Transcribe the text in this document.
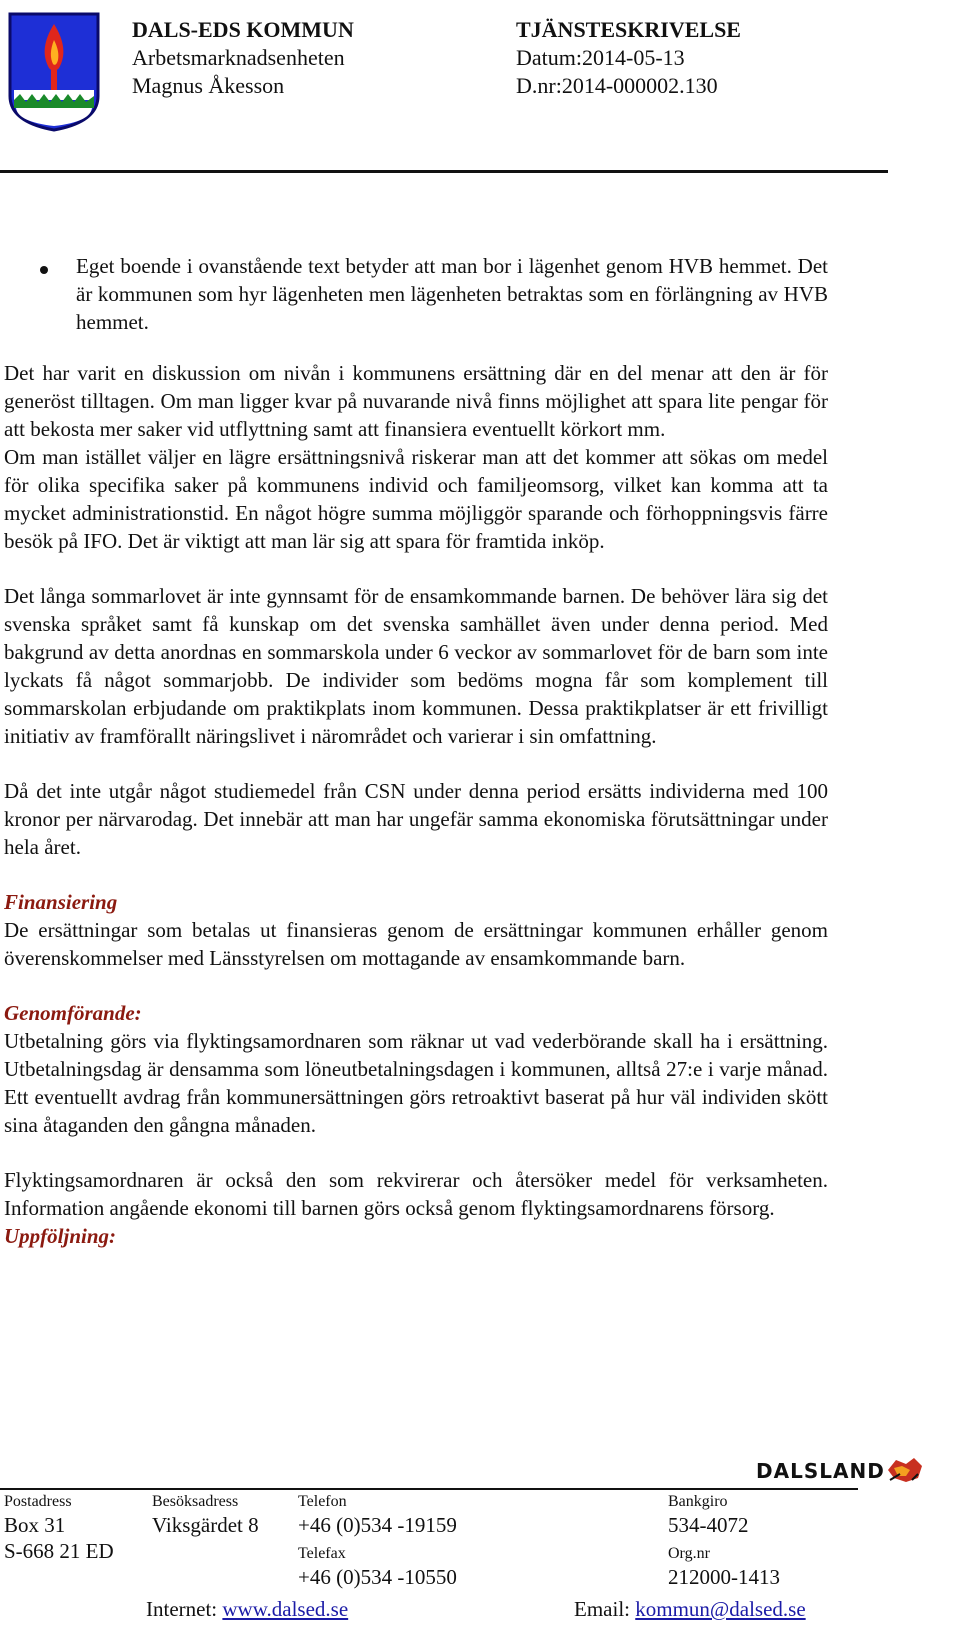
DALS-EDS KOMMUN
Arbetsmarknadsenheten
Magnus Åkesson
TJÄNSTESKRIVELSE
Datum:2014-05-13
D.nr:2014-000002.130
Eget boende i ovanstående text betyder att man bor i lägenhet genom HVB hemmet. Det är kommunen som hyr lägenheten men lägenheten betraktas som en förlängning av HVB hemmet.

Det har varit en diskussion om nivån i kommunens ersättning där en del menar att den är för generöst tilltagen. Om man ligger kvar på nuvarande nivå finns möjlighet att spara lite pengar för att bekosta mer saker vid utflyttning samt att finansiera eventuellt körkort mm.

Om man istället väljer en lägre ersättningsnivå riskerar man att det kommer att sökas om medel för olika specifika saker på kommunens individ och familjeomsorg, vilket kan komma att ta mycket administrationstid. En något högre summa möjliggör sparande och förhoppningsvis färre besök på IFO. Det är viktigt att man lär sig att spara för framtida inköp.

Det långa sommarlovet är inte gynnsamt för de ensamkommande barnen. De behöver lära sig det svenska språket samt få kunskap om det svenska samhället även under denna period. Med bakgrund av detta anordnas en sommarskola under 6 veckor av sommarlovet för de barn som inte lyckats få något sommarjobb. De individer som bedöms mogna får som komplement till sommarskolan erbjudande om praktikplats inom kommunen. Dessa praktikplatser är ett frivilligt initiativ av framförallt näringslivet i närområdet och varierar i sin omfattning.

Då det inte utgår något studiemedel från CSN under denna period ersätts individerna med 100 kronor per närvarodag. Det innebär att man har ungefär samma ekonomiska förutsättningar under hela året.

Finansiering

De ersättningar som betalas ut finansieras genom de ersättningar kommunen erhåller genom överenskommelser med Länsstyrelsen om mottagande av ensamkommande barn.

Genomförande:

Utbetalning görs via flyktingsamordnaren som räknar ut vad vederbörande skall ha i ersättning. Utbetalningsdag är densamma som löneutbetalningsdagen i kommunen, alltså 27:e i varje månad. Ett eventuellt avdrag från kommunersättningen görs retroaktivt baserat på hur väl individen skött sina åtaganden den gångna månaden.

Flyktingsamordnaren är också den som rekvirerar och återsöker medel för verksamheten. Information angående ekonomi till barnen görs också genom flyktingsamordnarens försorg.

Uppföljning:

DALSLAND
Postadress
Box 31
S-668 21 ED
Besöksadress
Viksgärdet 8
Telefon
+46 (0)534 -19159
Telefax
+46 (0)534 -10550
Bankgiro
534-4072
Org.nr
212000-1413
Internet: www.dalsed.se	Email: kommun@dalsed.se
